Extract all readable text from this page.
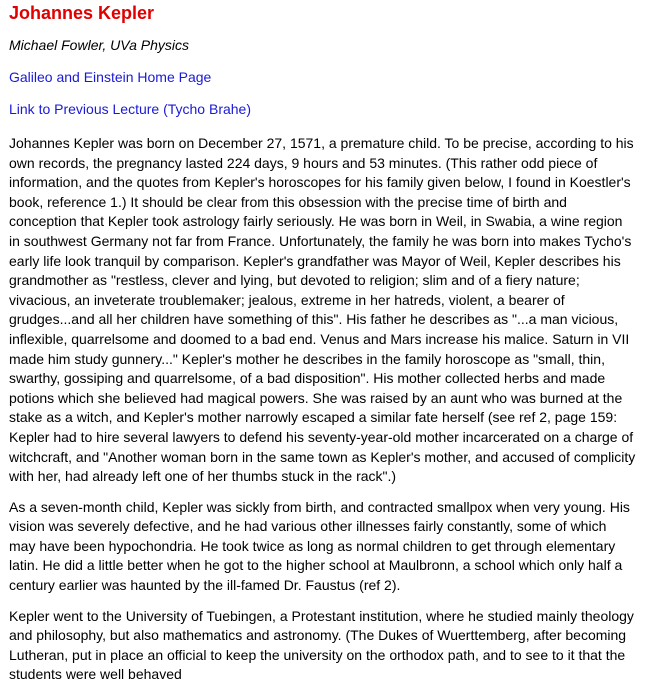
Johannes Kepler
Michael Fowler, UVa Physics
Galileo and Einstein Home Page
Link to Previous Lecture (Tycho Brahe)

Johannes Kepler was born on December 27, 1571, a premature child. To be precise, according to his own records, the pregnancy lasted 224 days, 9 hours and 53 minutes. (This rather odd piece of information, and the quotes from Kepler's horoscopes for his family given below, I found in Koestler's book, reference 1.) It should be clear from this obsession with the precise time of birth and conception that Kepler took astrology fairly seriously. He was born in Weil, in Swabia, a wine region in southwest Germany not far from France. Unfortunately, the family he was born into makes Tycho's early life look tranquil by comparison. Kepler's grandfather was Mayor of Weil, Kepler describes his grandmother as "restless, clever and lying, but devoted to religion; slim and of a fiery nature; vivacious, an inveterate troublemaker; jealous, extreme in her hatreds, violent, a bearer of grudges...and all her children have something of this". His father he describes as "...a man vicious, inflexible, quarrelsome and doomed to a bad end. Venus and Mars increase his malice. Saturn in VII made him study gunnery..." Kepler's mother he describes in the family horoscope as "small, thin, swarthy, gossiping and quarrelsome, of a bad disposition". His mother collected herbs and made potions which she believed had magical powers. She was raised by an aunt who was burned at the stake as a witch, and Kepler's mother narrowly escaped a similar fate herself (see ref 2, page 159: Kepler had to hire several lawyers to defend his seventy-year-old mother incarcerated on a charge of witchcraft, and "Another woman born in the same town as Kepler's mother, and accused of complicity with her, had already left one of her thumbs stuck in the rack".)

As a seven-month child, Kepler was sickly from birth, and contracted smallpox when very young. His vision was severely defective, and he had various other illnesses fairly constantly, some of which may have been hypochondria. He took twice as long as normal children to get through elementary latin. He did a little better when he got to the higher school at Maulbronn, a school which only half a century earlier was haunted by the ill-famed Dr. Faustus (ref 2).

Kepler went to the University of Tuebingen, a Protestant institution, where he studied mainly theology and philosophy, but also mathematics and astronomy. (The Dukes of Wuerttemberg, after becoming Lutheran, put in place an official to keep the university on the orthodox path, and to see to it that the students were well behaved
